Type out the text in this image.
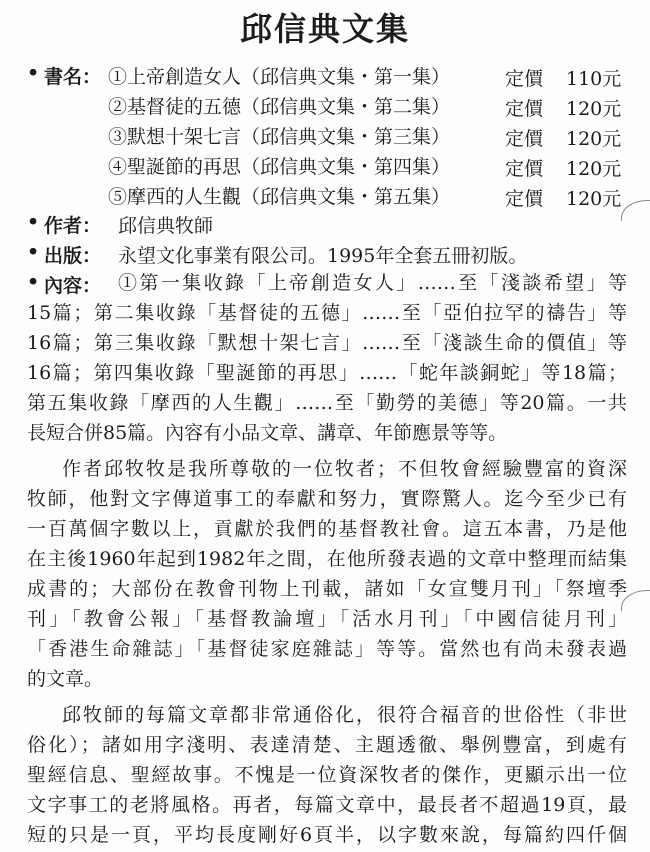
邱信典文集
• 書名： ①上帝創造女人（邱信典文集・第一集）	定價 110元
②基督徒的五德（邱信典文集・第二集）	定價 120元
③默想十架七言（邱信典文集・第三集）	定價 120元
④聖誕節的再思（邱信典文集・第四集）	定價 120元
⑤摩西的人生觀（邱信典文集・第五集）	定價 120元
• 作者： 邱信典牧師
• 出版： 永望文化事業有限公司。1995年全套五冊初版。
• 內容： ①第一集收錄「上帝創造女人」……至「淺談希望」等
15篇；第二集收錄「基督徒的五德」……至「亞伯拉罕的禱告」等
16篇；第三集收錄「默想十架七言」……至「淺談生命的價值」等
16篇；第四集收錄「聖誕節的再思」……「蛇年談銅蛇」等18篇；
第五集收錄「摩西的人生觀」……至「勤勞的美德」等20篇。一共
長短合併85篇。內容有小品文章、講章、年節應景等等。
作者邱牧牧是我所尊敬的一位牧者；不但牧會經驗豐富的資深
牧師，他對文字傳道事工的奉獻和努力，實際驚人。迄今至少已有
一百萬個字數以上，貢獻於我們的基督教社會。這五本書，乃是他
在主後1960年起到1982年之間，在他所發表過的文章中整理而結集
成書的；大部份在教會刊物上刊載，諸如「女宣雙月刊」「祭壇季
刊」「教會公報」「基督教論壇」「活水月刊」「中國信徒月刊」
「香港生命雜誌」「基督徒家庭雜誌」等等。當然也有尚未發表過
的文章。
邱牧師的每篇文章都非常通俗化，很符合福音的世俗性（非世
俗化）；諸如用字淺明、表達清楚、主題透徹、舉例豐富，到處有
聖經信息、聖經故事。不愧是一位資深牧者的傑作，更顯示出一位
文字事工的老將風格。再者，每篇文章中，最長者不超過19頁，最
短的只是一頁，平均長度剛好6頁半，以字數來說，每篇約四仟個
